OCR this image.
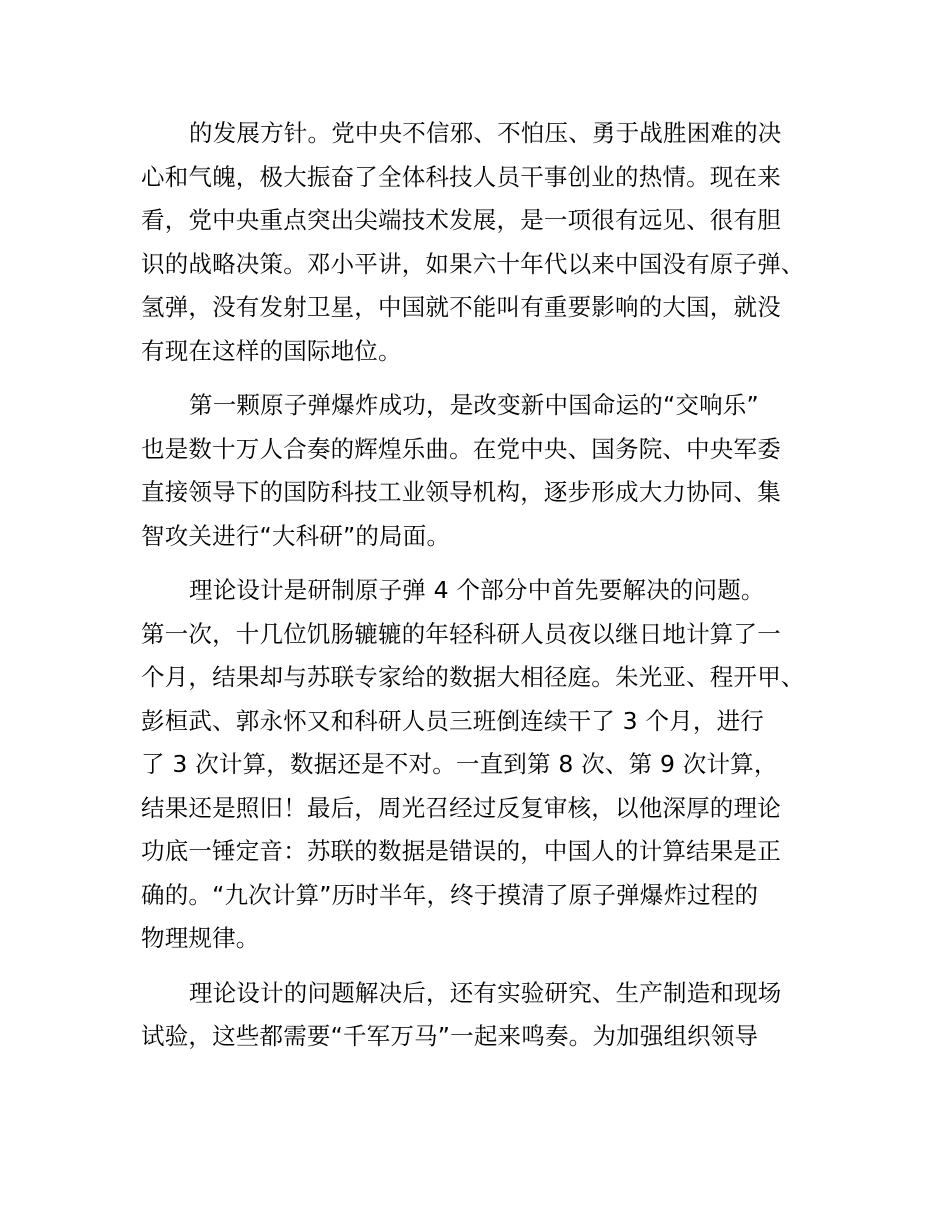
的发展方针。党中央不信邪、不怕压、勇于战胜困难的决
心和气魄，极大振奋了全体科技人员干事创业的热情。现在来
看，党中央重点突出尖端技术发展，是一项很有远见、很有胆
识的战略决策。邓小平讲，如果六十年代以来中国没有原子弹、
氢弹，没有发射卫星，中国就不能叫有重要影响的大国，就没
有现在这样的国际地位。
第一颗原子弹爆炸成功，是改变新中国命运的“交响乐”
也是数十万人合奏的辉煌乐曲。在党中央、国务院、中央军委
直接领导下的国防科技工业领导机构，逐步形成大力协同、集
智攻关进行“大科研”的局面。
理论设计是研制原子弹 4 个部分中首先要解决的问题。
第一次，十几位饥肠辘辘的年轻科研人员夜以继日地计算了一
个月，结果却与苏联专家给的数据大相径庭。朱光亚、程开甲、
彭桓武、郭永怀又和科研人员三班倒连续干了 3 个月，进行
了 3 次计算，数据还是不对。一直到第 8 次、第 9 次计算，
结果还是照旧！最后，周光召经过反复审核，以他深厚的理论
功底一锤定音：苏联的数据是错误的，中国人的计算结果是正
确的。“九次计算”历时半年，终于摸清了原子弹爆炸过程的
物理规律。
理论设计的问题解决后，还有实验研究、生产制造和现场
试验，这些都需要“千军万马”一起来鸣奏。为加强组织领导
